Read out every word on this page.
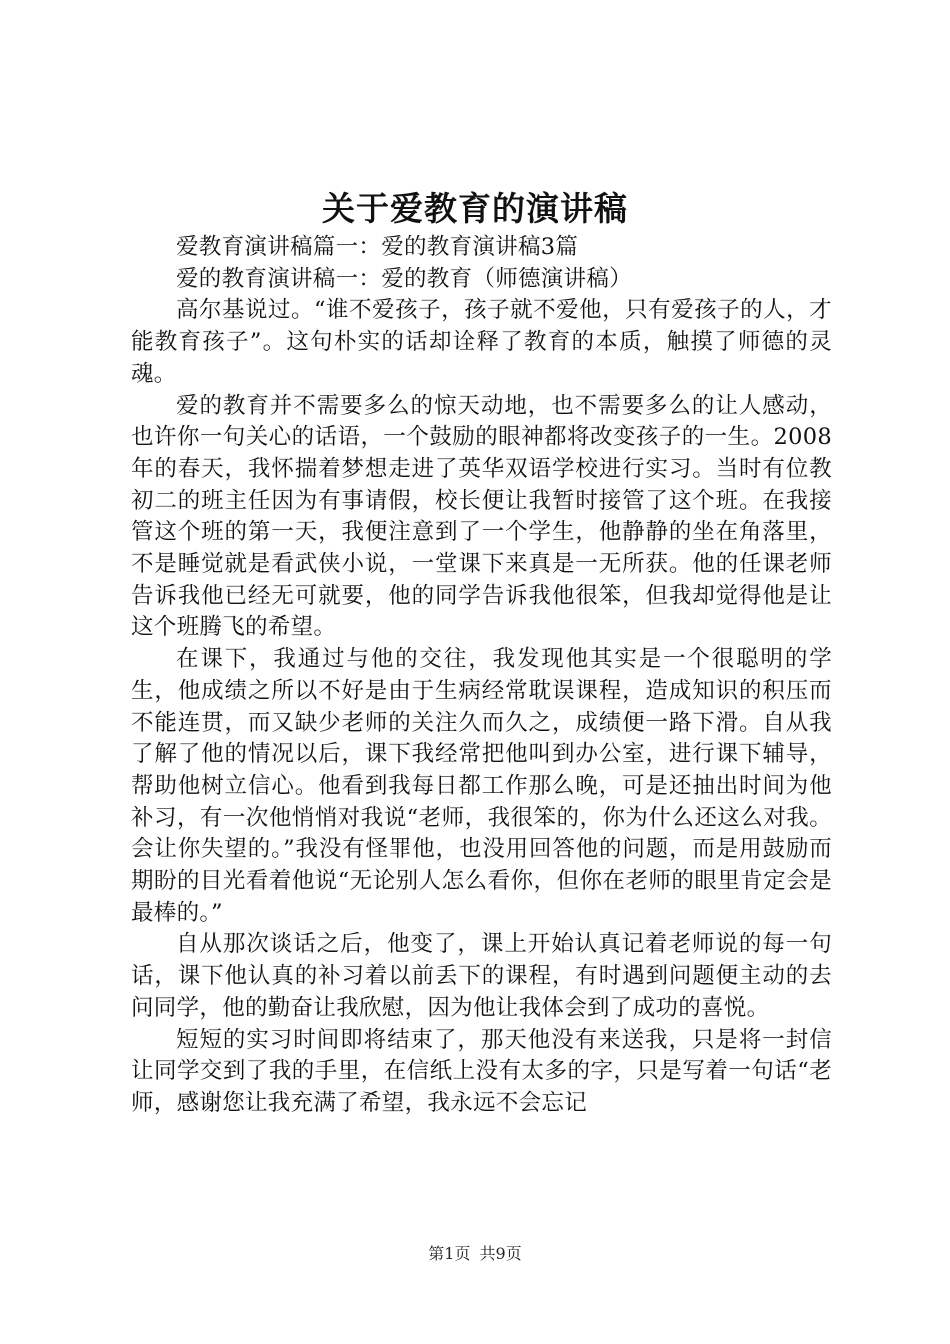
关于爱教育的演讲稿

爱教育演讲稿篇一：爱的教育演讲稿3篇

爱的教育演讲稿一：爱的教育（师德演讲稿）

高尔基说过。“谁不爱孩子，孩子就不爱他，只有爱孩子的人，才能教育孩子”。这句朴实的话却诠释了教育的本质，触摸了师德的灵魂。

爱的教育并不需要多么的惊天动地，也不需要多么的让人感动，也许你一句关心的话语，一个鼓励的眼神都将改变孩子的一生。2008年的春天，我怀揣着梦想走进了英华双语学校进行实习。当时有位教初二的班主任因为有事请假，校长便让我暂时接管了这个班。在我接管这个班的第一天，我便注意到了一个学生，他静静的坐在角落里，不是睡觉就是看武侠小说，一堂课下来真是一无所获。他的任课老师告诉我他已经无可就要，他的同学告诉我他很笨，但我却觉得他是让这个班腾飞的希望。

在课下，我通过与他的交往，我发现他其实是一个很聪明的学生，他成绩之所以不好是由于生病经常耽误课程，造成知识的积压而不能连贯，而又缺少老师的关注久而久之，成绩便一路下滑。自从我了解了他的情况以后，课下我经常把他叫到办公室，进行课下辅导，帮助他树立信心。他看到我每日都工作那么晚，可是还抽出时间为他补习，有一次他悄悄对我说“老师，我很笨的，你为什么还这么对我。会让你失望的。”我没有怪罪他，也没用回答他的问题，而是用鼓励而期盼的目光看着他说“无论别人怎么看你，但你在老师的眼里肯定会是最棒的。”

自从那次谈话之后，他变了，课上开始认真记着老师说的每一句话，课下他认真的补习着以前丢下的课程，有时遇到问题便主动的去问同学，他的勤奋让我欣慰，因为他让我体会到了成功的喜悦。

短短的实习时间即将结束了，那天他没有来送我，只是将一封信让同学交到了我的手里，在信纸上没有太多的字，只是写着一句话“老师，感谢您让我充满了希望，我永远不会忘记

第1页 共9页
